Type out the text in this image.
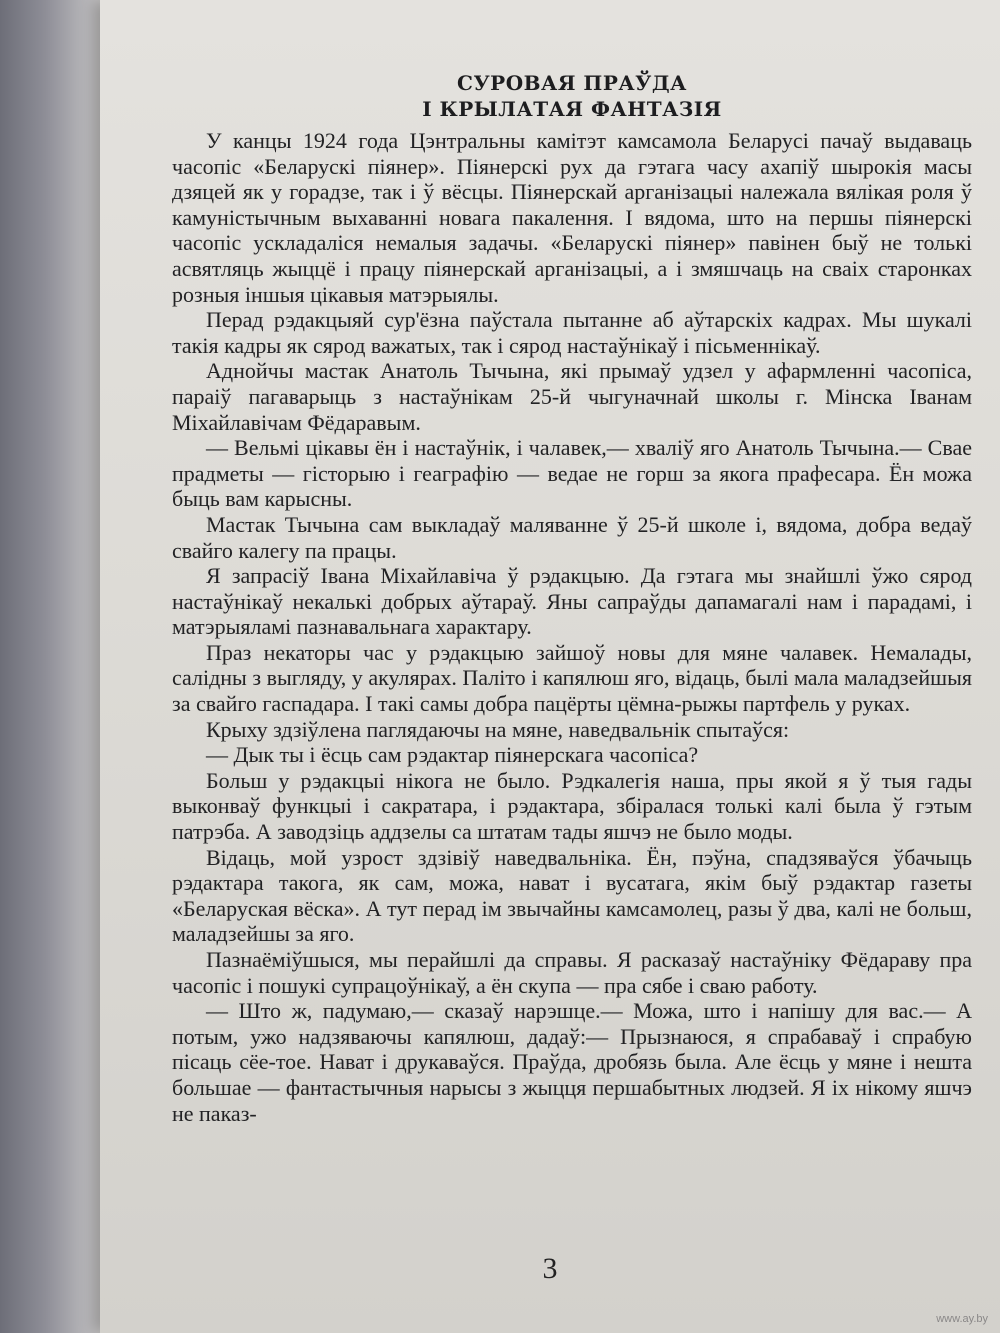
СУРОВАЯ ПРАЎДА
І КРЫЛАТАЯ ФАНТАЗІЯ

У канцы 1924 года Цэнтральны камітэт камсамола Беларусі пачаў выдаваць часопіс «Беларускі піянер». Піянерскі рух да гэтага часу ахапіў шырокія масы дзяцей як у горадзе, так і ў вёсцы. Піянерскай арганізацыі належала вялікая роля ў камуністычным выхаванні новага пакалення. І вядома, што на першы піянерскі часопіс ускладаліся немалыя задачы. «Беларускі піянер» павінен быў не толькі асвятляць жыццё і працу піянерскай арганізацыі, а і змяшчаць на сваіх старонках розныя іншыя цікавыя матэрыялы.

Перад рэдакцыяй сур'ёзна паўстала пытанне аб аўтарскіх кадрах. Мы шукалі такія кадры як сярод важатых, так і сярод настаўнікаў і пісьменнікаў.

Аднойчы мастак Анатоль Тычына, які прымаў удзел у афармленні часопіса, параіў пагаварыць з настаўнікам 25-й чыгуначнай школы г. Мінска Іванам Міхайлавічам Фёдаравым.

— Вельмі цікавы ён і настаўнік, і чалавек,— хваліў яго Анатоль Тычына.— Свае прадметы — гісторыю і геаграфію — ведае не горш за якога прафесара. Ён можа быць вам карысны.

Мастак Тычына сам выкладаў маляванне ў 25-й школе і, вядома, добра ведаў свайго калегу па працы.

Я запрасіў Івана Міхайлавіча ў рэдакцыю. Да гэтага мы знайшлі ўжо сярод настаўнікаў некалькі добрых аўтараў. Яны сапраўды дапамагалі нам і парадамі, і матэрыяламі пазнавальнага характару.

Праз некаторы час у рэдакцыю зайшоў новы для мяне чалавек. Немалады, салідны з выгляду, у акулярах. Паліто і капялюш яго, відаць, былі мала маладзейшыя за свайго гаспадара. І такі самы добра пацёрты цёмна-рыжы партфель у руках.

Крыху здзіўлена паглядаючы на мяне, наведвальнік спытаўся:

— Дык ты і ёсць сам рэдактар піянерскага часопіса?

Больш у рэдакцыі нікога не было. Рэдкалегія наша, пры якой я ў тыя гады выконваў функцыі і сакратара, і рэдактара, збіралася толькі калі была ў гэтым патрэба. А заводзіць аддзелы са штатам тады яшчэ не было моды.

Відаць, мой узрост здзівіў наведвальніка. Ён, пэўна, спадзяваўся ўбачыць рэдактара такога, як сам, можа, нават і вусатага, якім быў рэдактар газеты «Беларуская вёска». А тут перад ім звычайны камсамолец, разы ў два, калі не больш, маладзейшы за яго.

Пазнаёміўшыся, мы перайшлі да справы. Я расказаў настаўніку Фёдараву пра часопіс і пошукі супрацоўнікаў, а ён скупа — пра сябе і сваю работу.

— Што ж, падумаю,— сказаў нарэшце.— Можа, што і напішу для вас.— А потым, ужо надзяваючы капялюш, дадаў:— Прызнаюся, я спрабаваў і спрабую пісаць сёе-тое. Нават і друкаваўся. Праўда, дробязь была. Але ёсць у мяне і нешта большае — фантастычныя нарысы з жыцця першабытных людзей. Я іх нікому яшчэ не паказ-

3
www.ay.by
